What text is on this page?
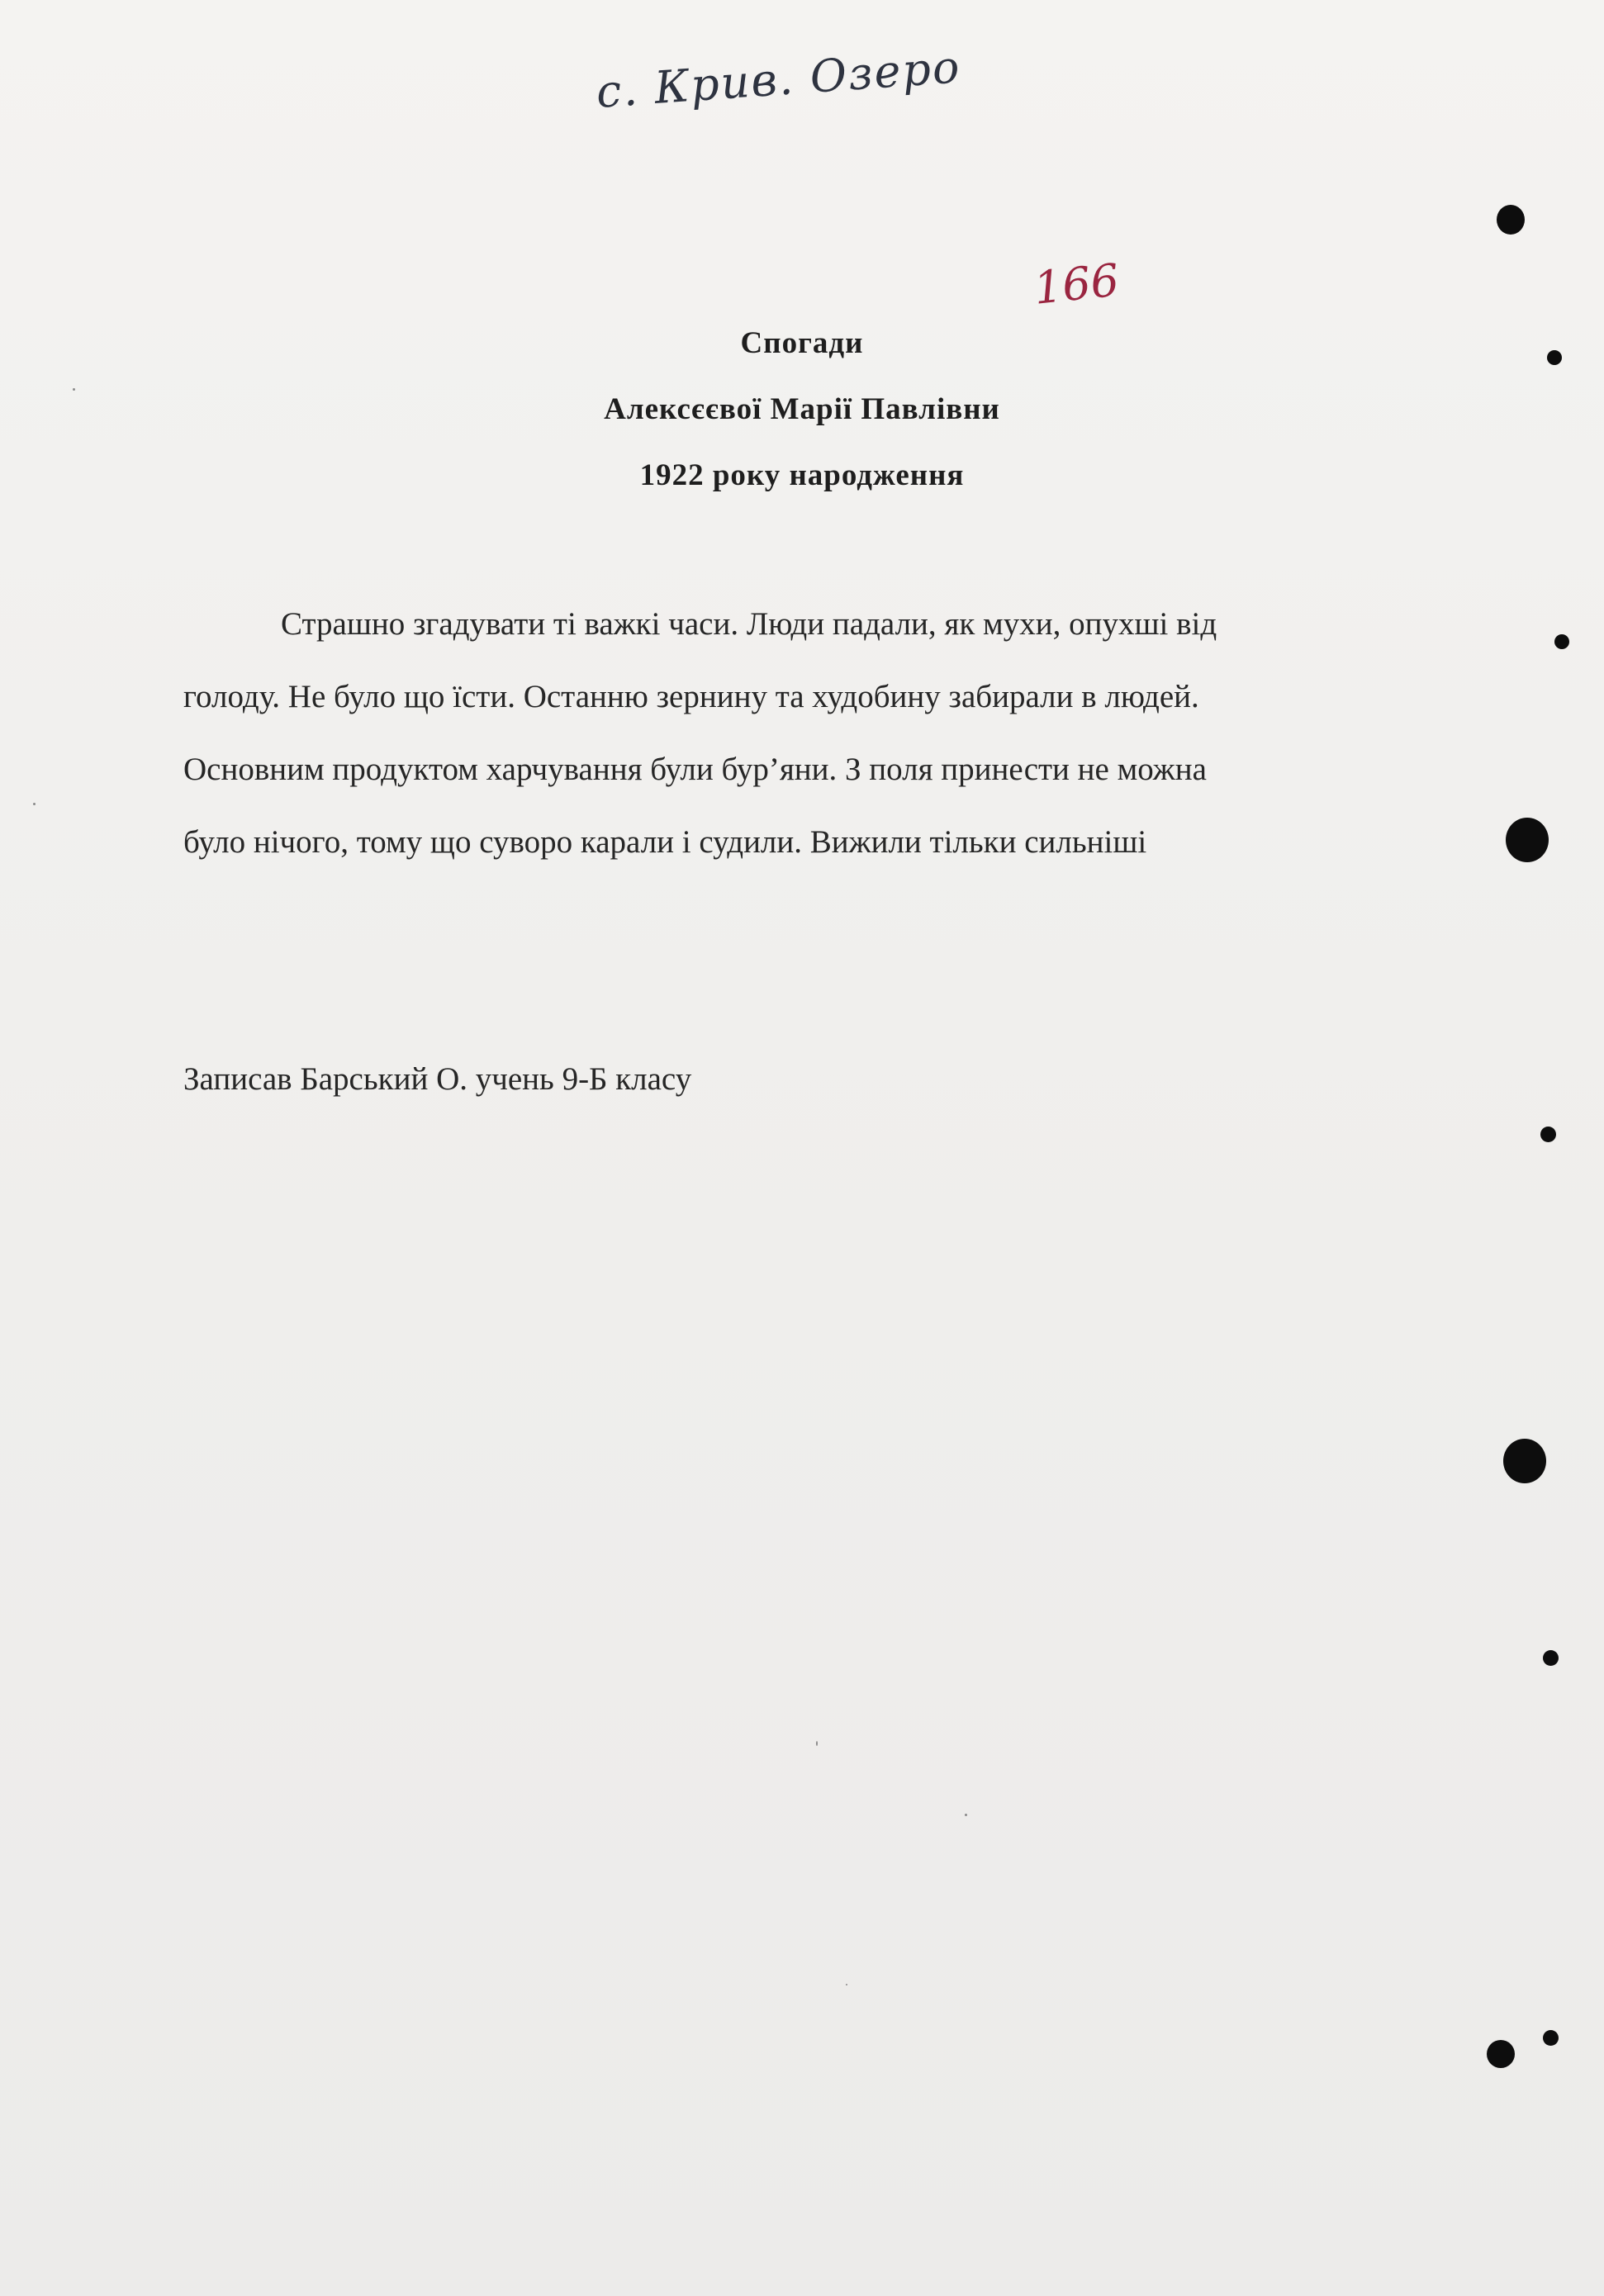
с. Крив. Озеро
166
Спогади
Алексєєвої Марії Павлівни
1922 року народження
Страшно згадувати ті важкі часи. Люди падали, як мухи, опухші від
голоду. Не було що їсти. Останню зернину та худобину забирали в людей.
Основним продуктом харчування були бур’яни. З поля принести не можна
було нічого, тому що суворо карали і судили. Вижили тільки сильніші
Записав Барський О. учень 9-Б класу
